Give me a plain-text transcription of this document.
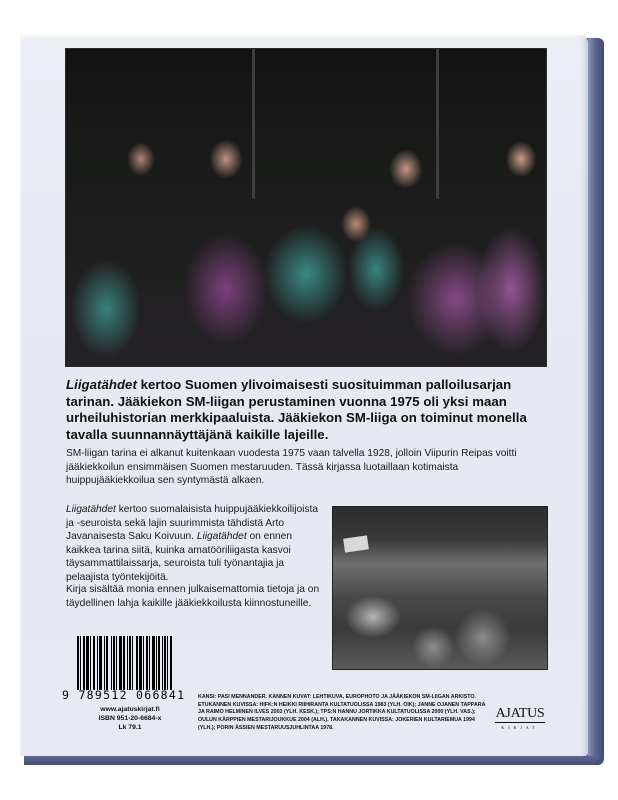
Liigatähdet kertoo Suomen ylivoimaisesti suosituimman palloilusarjan tarinan. Jääkiekon SM-liigan perustaminen vuonna 1975 oli yksi maan urheiluhistorian merkkipaaluista. Jääkiekon SM-liiga on toiminut monella tavalla suunnannäyttäjänä kaikille lajeille.
SM-liigan tarina ei alkanut kuitenkaan vuodesta 1975 vaan talvella 1928, jolloin Viipurin Reipas voitti jääkiekkoilun ensimmäisen Suomen mestaruuden. Tässä kirjassa luotaillaan kotimaista huippujääkiekkoilua sen syntymästä alkaen.
Liigatähdet kertoo suomalaisista huippujääkiekkoilijoista ja -seuroista sekä lajin suurimmista tähdistä Arto Javanaisesta Saku Koivuun. Liigatähdet on ennen kaikkea tarina siitä, kuinka amatööriliigasta kasvoi täysammattilaissarja, seuroista tuli työnantajia ja pelaajista työntekijöitä.
Kirja sisältää monia ennen julkaisemattomia tietoja ja on täydellinen lahja kaikille jääkiekkoilusta kiinnostuneille.
9 789512 066841
www.ajatuskirjat.fi
ISBN 951-20-6684-x
Lk 79.1
KANSI: PASI MENNANDER. KANNEN KUVAT: LEHTIKUVA, EUROPHOTO JA JÄÄKIEKON SM-LIIGAN ARKISTO. ETUKANNEN KUVISSA: HIFK:N HEIKKI RIIHIRANTA KULTATUOLISSA 1983 (YLH. OIK); JANNE OJANEN TAPPARA JA RAIMO HELMINEN ILVES 2003 (YLH. KESK.); TPS:N HANNU JORTIKKA KULTATUOLISSA 2000 (YLH. VAS.); OULUN KÄRPPIEN MESTARIJOUKKUE 2004 (ALH.). TAKAKANNEN KUVISSA: JOKERIEN KULTARIEMUA 1994 (YLH.); PORIN ÄSSIEN MESTARUUSJUHLINTAA 1978.
AJATUS
KIRJAT
